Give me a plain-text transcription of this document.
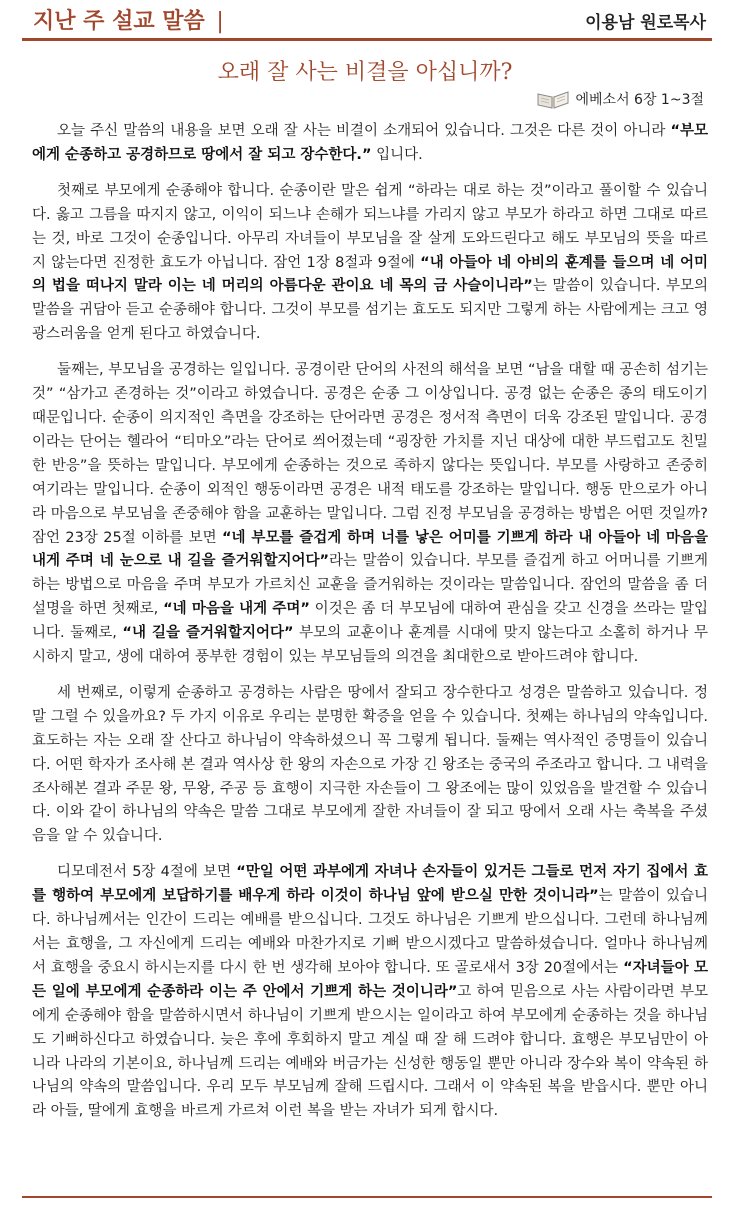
지난 주 설교 말씀 |	이용남 원로목사
오래 잘 사는 비결을 아십니까?
에베소서 6장 1~3절

오늘 주신 말씀의 내용을 보면 오래 잘 사는 비결이 소개되어 있습니다. 그것은 다른 것이 아니라 “부모에게 순종하고 공경하므로 땅에서 잘 되고 장수한다.” 입니다.

첫째로 부모에게 순종해야 합니다. 순종이란 말은 쉽게 “하라는 대로 하는 것”이라고 풀이할 수 있습니다. 옳고 그름을 따지지 않고, 이익이 되느냐 손해가 되느냐를 가리지 않고 부모가 하라고 하면 그대로 따르는 것, 바로 그것이 순종입니다. 아무리 자녀들이 부모님을 잘 살게 도와드린다고 해도 부모님의 뜻을 따르지 않는다면 진정한 효도가 아닙니다. 잠언 1장 8절과 9절에 “내 아들아 네 아비의 훈계를 들으며 네 어미의 법을 떠나지 말라 이는 네 머리의 아름다운 관이요 네 목의 금 사슬이니라”는 말씀이 있습니다. 부모의 말씀을 귀담아 듣고 순종해야 합니다. 그것이 부모를 섬기는 효도도 되지만 그렇게 하는 사람에게는 크고 영광스러움을 얻게 된다고 하였습니다.

둘째는, 부모님을 공경하는 일입니다. 공경이란 단어의 사전의 해석을 보면 “남을 대할 때 공손히 섬기는 것” “삼가고 존경하는 것”이라고 하였습니다. 공경은 순종 그 이상입니다. 공경 없는 순종은 종의 태도이기 때문입니다. 순종이 의지적인 측면을 강조하는 단어라면 공경은 정서적 측면이 더욱 강조된 말입니다. 공경이라는 단어는 헬라어 “티마오”라는 단어로 씌어졌는데 “굉장한 가치를 지닌 대상에 대한 부드럽고도 친밀한 반응”을 뜻하는 말입니다. 부모에게 순종하는 것으로 족하지 않다는 뜻입니다. 부모를 사랑하고 존중히 여기라는 말입니다. 순종이 외적인 행동이라면 공경은 내적 태도를 강조하는 말입니다. 행동 만으로가 아니라 마음으로 부모님을 존중해야 함을 교훈하는 말입니다. 그럼 진정 부모님을 공경하는 방법은 어떤 것일까? 잠언 23장 25절 이하를 보면 “네 부모를 즐겁게 하며 너를 낳은 어미를 기쁘게 하라 내 아들아 네 마음을 내게 주며 네 눈으로 내 길을 즐거워할지어다”라는 말씀이 있습니다. 부모를 즐겁게 하고 어머니를 기쁘게 하는 방법으로 마음을 주며 부모가 가르치신 교훈을 즐거워하는 것이라는 말씀입니다. 잠언의 말씀을 좀 더 설명을 하면 첫째로, “네 마음을 내게 주며” 이것은 좀 더 부모님에 대하여 관심을 갖고 신경을 쓰라는 말입니다. 둘째로, “내 길을 즐거워할지어다” 부모의 교훈이나 훈계를 시대에 맞지 않는다고 소홀히 하거나 무시하지 말고, 생에 대하여 풍부한 경험이 있는 부모님들의 의견을 최대한으로 받아드려야 합니다.

세 번째로, 이렇게 순종하고 공경하는 사람은 땅에서 잘되고 장수한다고 성경은 말씀하고 있습니다. 정말 그럴 수 있을까요? 두 가지 이유로 우리는 분명한 확증을 얻을 수 있습니다. 첫째는 하나님의 약속입니다. 효도하는 자는 오래 잘 산다고 하나님이 약속하셨으니 꼭 그렇게 됩니다. 둘째는 역사적인 증명들이 있습니다. 어떤 학자가 조사해 본 결과 역사상 한 왕의 자손으로 가장 긴 왕조는 중국의 주조라고 합니다. 그 내력을 조사해본 결과 주문 왕, 무왕, 주공 등 효행이 지극한 자손들이 그 왕조에는 많이 있었음을 발견할 수 있습니다. 이와 같이 하나님의 약속은 말씀 그대로 부모에게 잘한 자녀들이 잘 되고 땅에서 오래 사는 축복을 주셨음을 알 수 있습니다.

디모데전서 5장 4절에 보면 “만일 어떤 과부에게 자녀나 손자들이 있거든 그들로 먼저 자기 집에서 효를 행하여 부모에게 보답하기를 배우게 하라 이것이 하나님 앞에 받으실 만한 것이니라”는 말씀이 있습니다. 하나님께서는 인간이 드리는 예배를 받으십니다. 그것도 하나님은 기쁘게 받으십니다. 그런데 하나님께서는 효행을, 그 자신에게 드리는 예배와 마찬가지로 기뻐 받으시겠다고 말씀하셨습니다. 얼마나 하나님께서 효행을 중요시 하시는지를 다시 한 번 생각해 보아야 합니다. 또 골로새서 3장 20절에서는 “자녀들아 모든 일에 부모에게 순종하라 이는 주 안에서 기쁘게 하는 것이니라”고 하여 믿음으로 사는 사람이라면 부모에게 순종해야 함을 말씀하시면서 하나님이 기쁘게 받으시는 일이라고 하여 부모에게 순종하는 것을 하나님도 기뻐하신다고 하였습니다. 늦은 후에 후회하지 말고 계실 때 잘 해 드려야 합니다. 효행은 부모님만이 아니라 나라의 기본이요, 하나님께 드리는 예배와 버금가는 신성한 행동일 뿐만 아니라 장수와 복이 약속된 하나님의 약속의 말씀입니다. 우리 모두 부모님께 잘해 드립시다. 그래서 이 약속된 복을 받읍시다. 뿐만 아니라 아들, 딸에게 효행을 바르게 가르쳐 이런 복을 받는 자녀가 되게 합시다.
